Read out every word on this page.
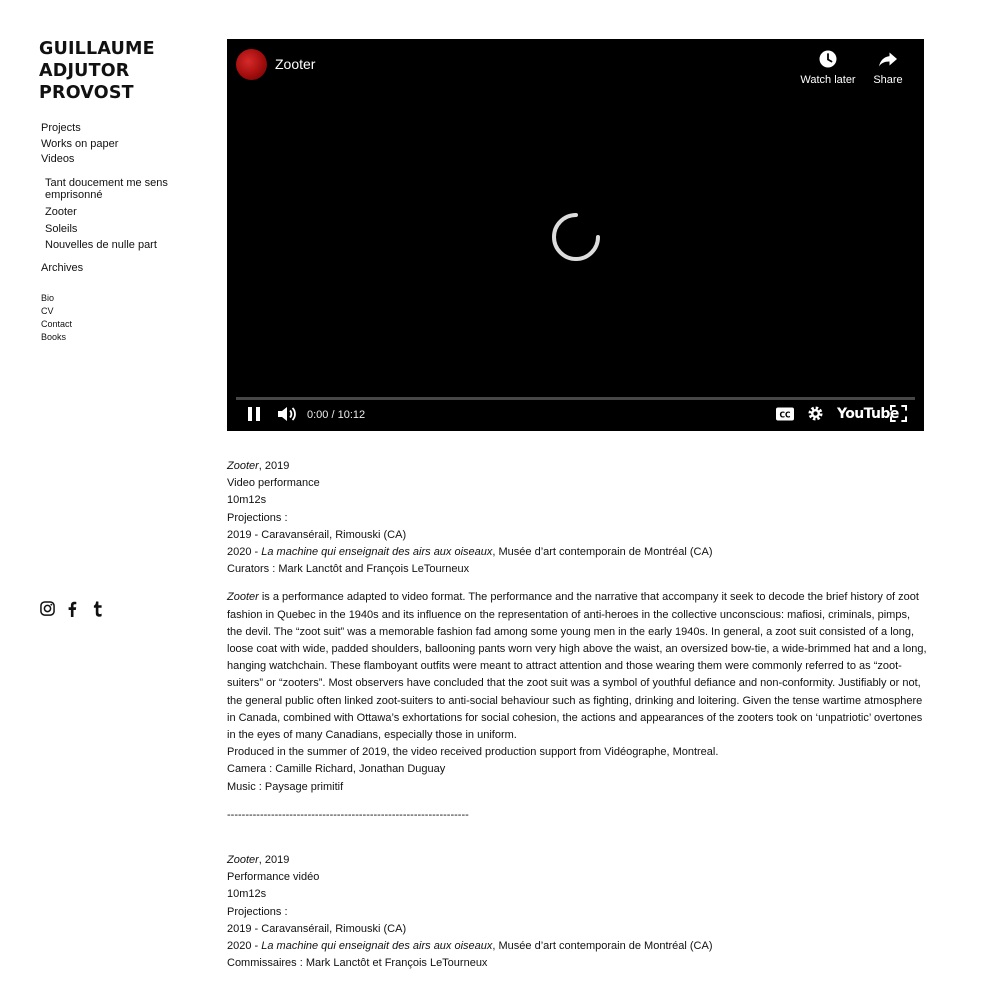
GUILLAUME
ADJUTOR
PROVOST
Projects
Works on paper
Videos
Tant doucement me sens emprisonné
Zooter
Soleils
Nouvelles de nulle part
Archives
Bio
CV
Contact
Books
Zooter
Watch later	Share
0:00 / 10:12	CC	YouTube

Zooter, 2019

Video performance

10m12s

Projections :

2019 - Caravansérail, Rimouski (CA)

2020 - La machine qui enseignait des airs aux oiseaux, Musée d’art contemporain de Montréal (CA)

Curators : Mark Lanctôt and François LeTourneux

Zooter is a performance adapted to video format. The performance and the narrative that accompany it seek to decode the brief history of zoot fashion in Quebec in the 1940s and its influence on the representation of anti-heroes in the collective unconscious: mafiosi, criminals, pimps, the devil. The “zoot suit” was a memorable fashion fad among some young men in the early 1940s. In general, a zoot suit consisted of a long, loose coat with wide, padded shoulders, ballooning pants worn very high above the waist, an oversized bow-tie, a wide-brimmed hat and a long, hanging watchchain. These flamboyant outfits were meant to attract attention and those wearing them were commonly referred to as “zoot-suiters” or “zooters”. Most observers have concluded that the zoot suit was a symbol of youthful defiance and non-conformity. Justifiably or not, the general public often linked zoot-suiters to anti-social behaviour such as fighting, drinking and loitering. Given the tense wartime atmosphere in Canada, combined with Ottawa’s exhortations for social cohesion, the actions and appearances of the zooters took on ‘unpatriotic’ overtones in the eyes of many Canadians, especially those in uniform.

Produced in the summer of 2019, the video received production support from Vidéographe, Montreal.

Camera : Camille Richard, Jonathan Duguay

Music : Paysage primitif

------------------------------------------------------------------

Zooter, 2019

Performance vidéo

10m12s

Projections :

2019 - Caravansérail, Rimouski (CA)

2020 - La machine qui enseignait des airs aux oiseaux, Musée d’art contemporain de Montréal (CA)

Commissaires : Mark Lanctôt et François LeTourneux
